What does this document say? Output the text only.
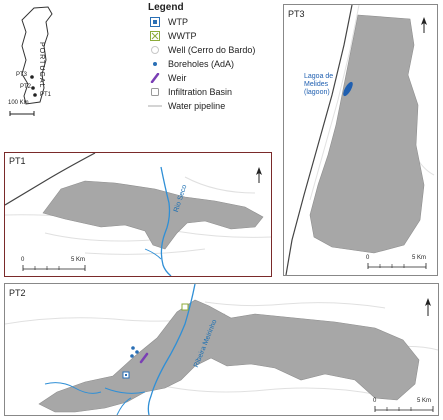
PORTUGAL
PT3
PT2
PT1
100 Km
Legend
WTP
WWTP
Well (Cerro do Bardo)
Boreholes (AdA)
Weir
Infiltration Basin
Water pipeline
PT3
Lagoa de
Melides
(lagoon)
0	5 Km
PT1
Rio Seco
0	5 Km
PT2
Ribeira Meirinho
0	5 Km
